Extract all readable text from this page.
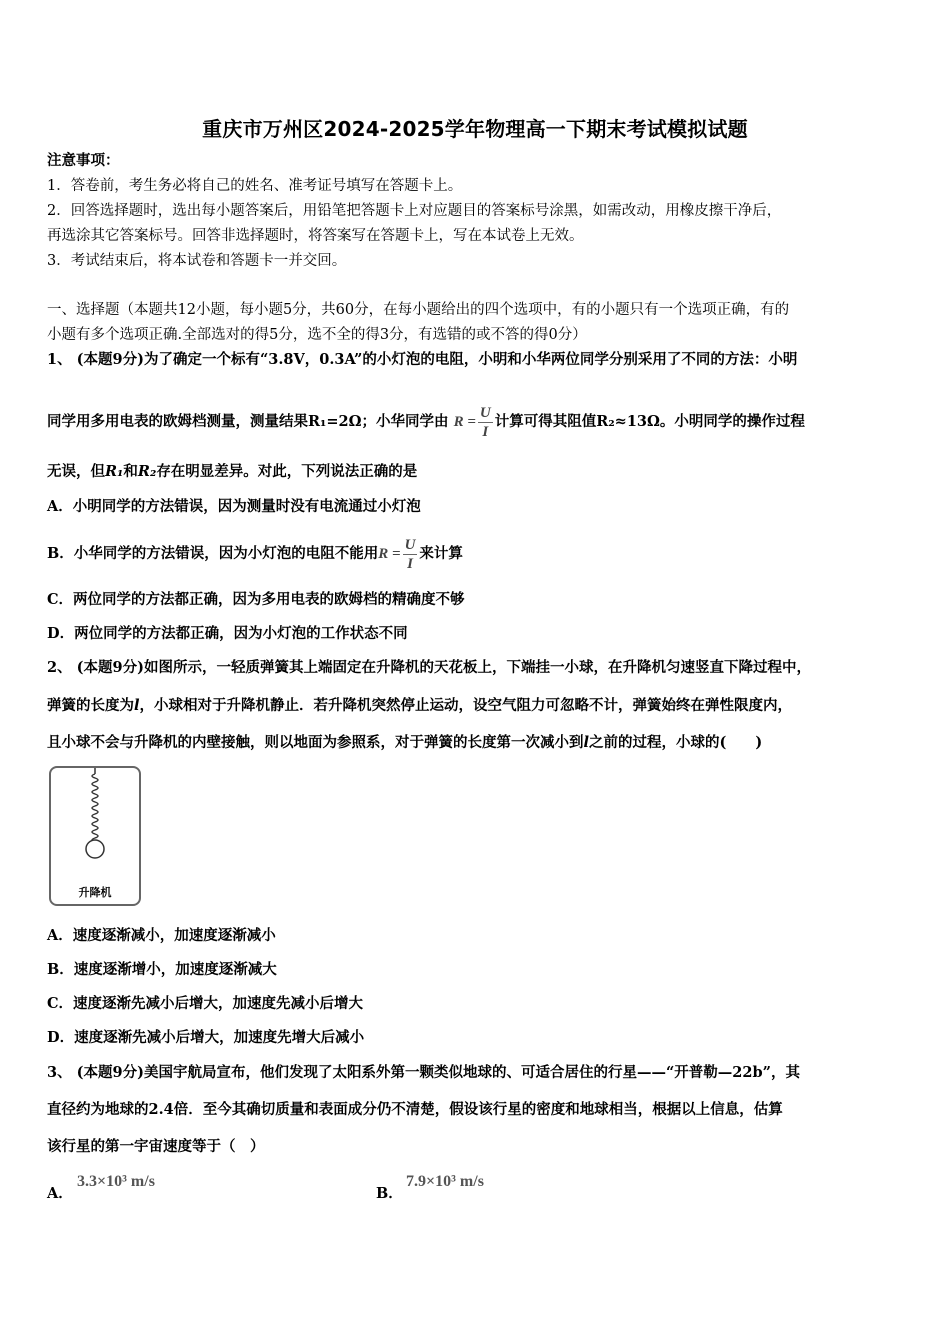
重庆市万州区2024-2025学年物理高一下期末考试模拟试题
注意事项：
1．答卷前，考生务必将自己的姓名、准考证号填写在答题卡上。
2．回答选择题时，选出每小题答案后，用铅笔把答题卡上对应题目的答案标号涂黑，如需改动，用橡皮擦干净后，
再选涂其它答案标号。回答非选择题时，将答案写在答题卡上，写在本试卷上无效。
3．考试结束后，将本试卷和答题卡一并交回。
一、选择题（本题共12小题，每小题5分，共60分，在每小题给出的四个选项中，有的小题只有一个选项正确，有的
小题有多个选项正确.全部选对的得5分，选不全的得3分，有选错的或不答的得0分）
1、 (本题9分)为了确定一个标有“3.8V，0.3A”的小灯泡的电阻，小明和小华两位同学分别采用了不同的方法：小明
同学用多用电表的欧姆档测量，测量结果R₁=2Ω；小华同学由 $R = \frac{U}{I}$ 计算可得其阻值R₂≈13Ω。小明同学的操作过程
无误，但R₁和R₂存在明显差异。对此，下列说法正确的是
A．小明同学的方法错误，因为测量时没有电流通过小灯泡
B．小华同学的方法错误，因为小灯泡的电阻不能用$R = \frac{U}{I}$ 来计算
C．两位同学的方法都正确，因为多用电表的欧姆档的精确度不够
D．两位同学的方法都正确，因为小灯泡的工作状态不同
2、 (本题9分)如图所示，一轻质弹簧其上端固定在升降机的天花板上，下端挂一小球，在升降机匀速竖直下降过程中，
弹簧的长度为l，小球相对于升降机静止．若升降机突然停止运动，设空气阻力可忽略不计，弹簧始终在弹性限度内，
且小球不会与升降机的内壁接触，则以地面为参照系，对于弹簧的长度第一次减小到l之前的过程，小球的(　　)
升降机
A．速度逐渐减小，加速度逐渐减小
B．速度逐渐增小，加速度逐渐减大
C．速度逐渐先减小后增大，加速度先减小后增大
D．速度逐渐先减小后增大，加速度先增大后减小
3、 (本题9分)美国宇航局宣布，他们发现了太阳系外第一颗类似地球的、可适合居住的行星——“开普勒—22b”，其
直径约为地球的2.4倍．至今其确切质量和表面成分仍不清楚，假设该行星的密度和地球相当，根据以上信息，估算
该行星的第一宇宙速度等于（　）
A．
3.3×10³ m/s
B．
7.9×10³ m/s
